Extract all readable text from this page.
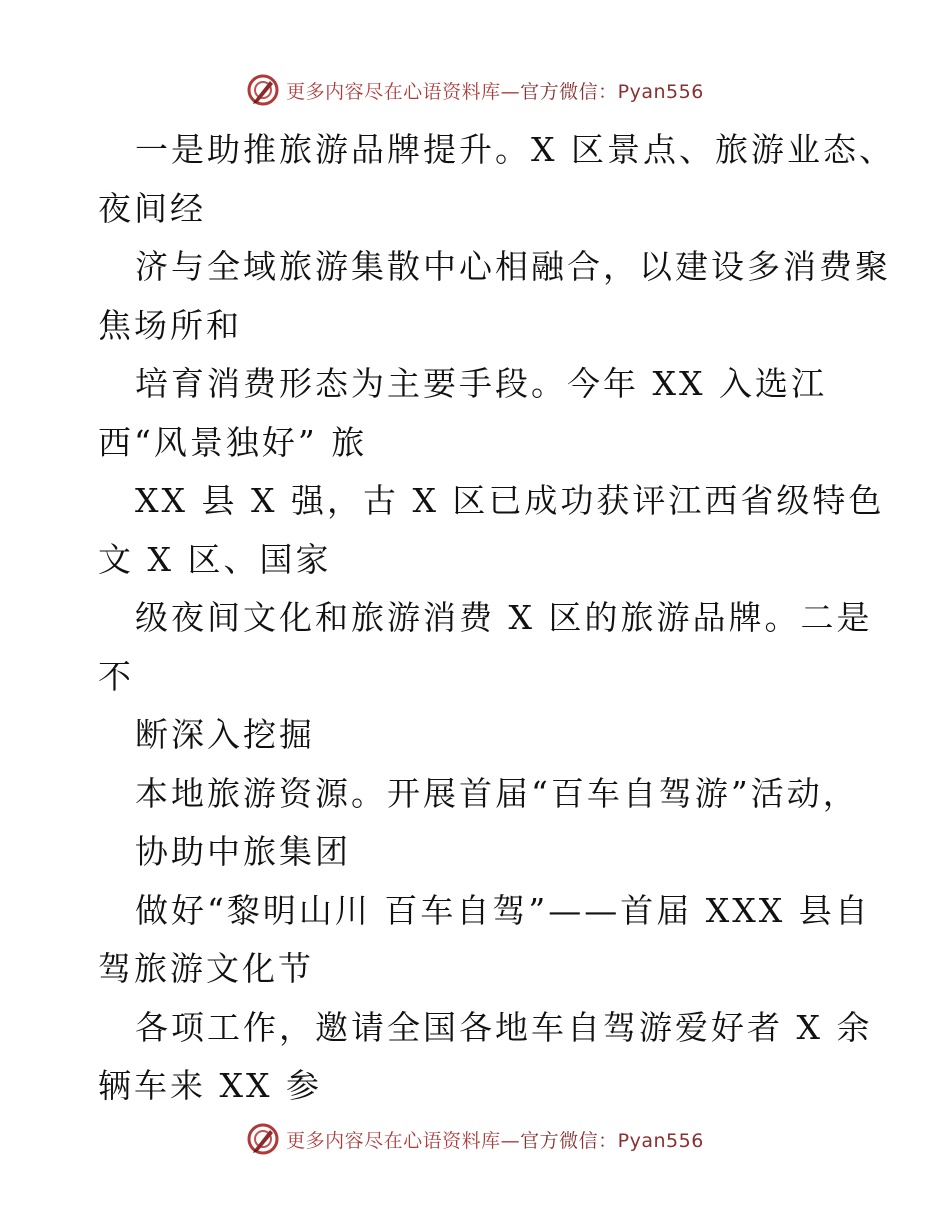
更多内容尽在心语资料库—官方微信：Pyan556
一是助推旅游品牌提升。X 区景点、旅游业态、
夜间经
济与全域旅游集散中心相融合，以建设多消费聚
焦场所和
培育消费形态为主要手段。今年 XX 入选江
西“风景独好” 旅
XX 县 X 强，古 X 区已成功获评江西省级特色
文 X 区、国家
级夜间文化和旅游消费 X 区的旅游品牌。二是
不
断深入挖掘
本地旅游资源。开展首届“百车自驾游”活动，
协助中旅集团
做好“黎明山川 百车自驾”——首届 XXX 县自
驾旅游文化节
各项工作，邀请全国各地车自驾游爱好者 X 余
辆车来 XX 参
更多内容尽在心语资料库—官方微信：Pyan556
